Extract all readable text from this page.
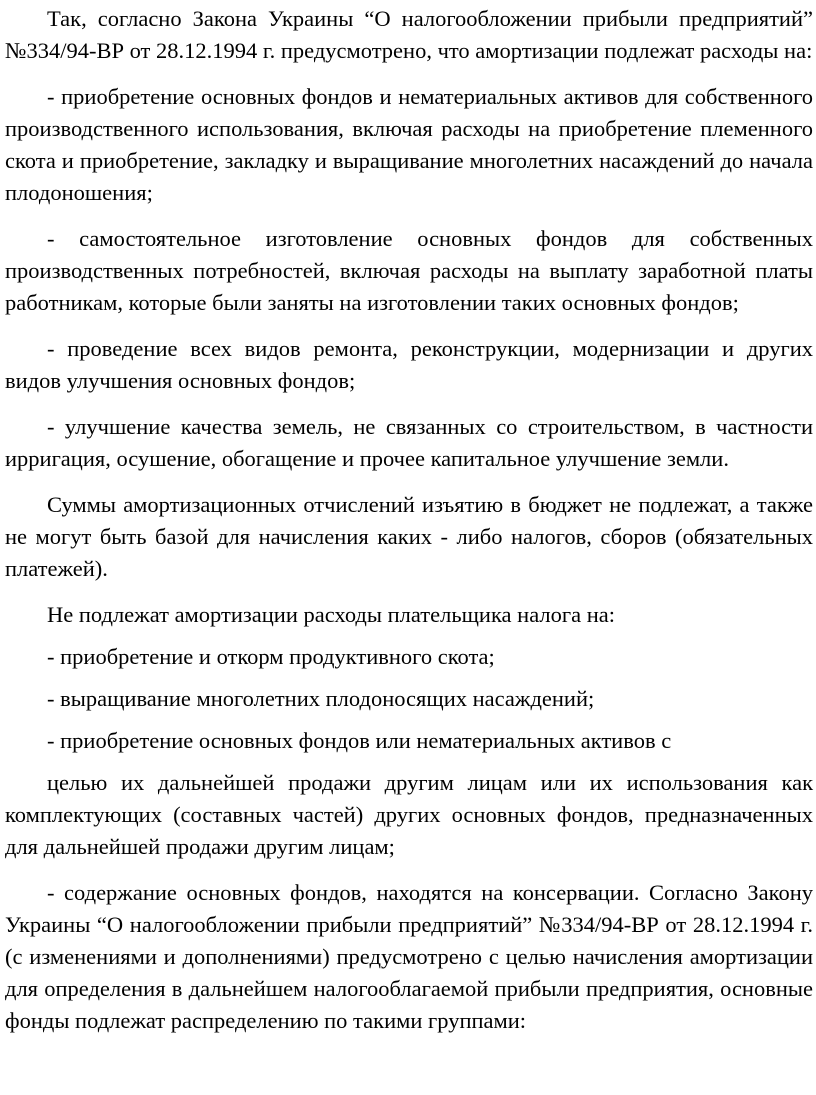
Так, согласно Закона Украины “О налогообложении прибыли предприятий” №334/94-ВР от 28.12.1994 г. предусмотрено, что амортизации подлежат расходы на:

- приобретение основных фондов и нематериальных активов для собственного производственного использования, включая расходы на приобретение племенного скота и приобретение, закладку и выращивание многолетних насаждений до начала плодоношения;

- самостоятельное изготовление основных фондов для собственных производственных потребностей, включая расходы на выплату заработной платы работникам, которые были заняты на изготовлении таких основных фондов;

- проведение всех видов ремонта, реконструкции, модернизации и других видов улучшения основных фондов;

- улучшение качества земель, не связанных со строительством, в частности ирригация, осушение, обогащение и прочее капитальное улучшение земли.

Суммы амортизационных отчислений изъятию в бюджет не подлежат, а также не могут быть базой для начисления каких - либо налогов, сборов (обязательных платежей).

Не подлежат амортизации расходы плательщика налога на:

- приобретение и откорм продуктивного скота;

- выращивание многолетних плодоносящих насаждений;

- приобретение основных фондов или нематериальных активов с

целью их дальнейшей продажи другим лицам или их использования как комплектующих (составных частей) других основных фондов, предназначенных для дальнейшей продажи другим лицам;

- содержание основных фондов, находятся на консервации. Согласно Закону Украины “О налогообложении прибыли предприятий” №334/94-ВР от 28.12.1994 г. (с изменениями и дополнениями) предусмотрено с целью начисления амортизации для определения в дальнейшем налогооблагаемой прибыли предприятия, основные фонды подлежат распределению по такими группами:
